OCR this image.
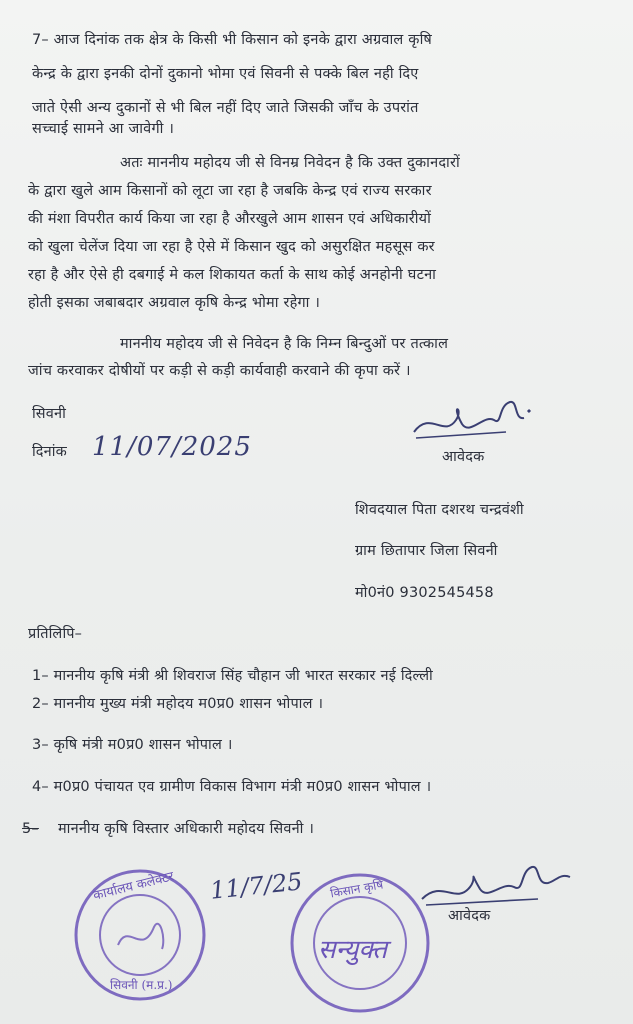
7– आज दिनांक तक क्षेत्र के किसी भी किसान को इनके द्वारा अग्रवाल कृषि
केन्द्र के द्वारा इनकी दोनों दुकानो भोमा एवं सिवनी से पक्के बिल नही दिए
जाते ऐसी अन्य दुकानों से भी बिल नहीं दिए जाते जिसकी जाँच के उपरांत
सच्चाई सामने आ जावेगी ।
अतः माननीय महोदय जी से विनम्र निवेदन है कि उक्त दुकानदारों
के द्वारा खुले आम किसानों को लूटा जा रहा है जबकि केन्द्र एवं राज्य सरकार
की मंशा विपरीत कार्य किया जा रहा है औरखुले आम शासन एवं अधिकारीयों
को खुला चेलेंज दिया जा रहा है ऐसे में किसान खुद को असुरक्षित महसूस कर
रहा है और ऐसे ही दबगाई मे कल शिकायत कर्ता के साथ कोई अनहोनी घटना
होती इसका जबाबदार अग्रवाल कृषि केन्द्र भोमा रहेगा ।
माननीय महोदय जी से निवेदन है कि निम्न बिन्दुओं पर तत्काल
जांच करवाकर दोषीयों पर कड़ी से कड़ी कार्यवाही करवाने की कृपा करें ।
सिवनी
दिनांक 11/07/2025	आवेदक
शिवदयाल पिता दशरथ चन्द्रवंशी
ग्राम छितापार जिला सिवनी
मो0नं0 9302545458
प्रतिलिपि–
1– माननीय कृषि मंत्री श्री शिवराज सिंह चौहान जी भारत सरकार नई दिल्ली
2– माननीय मुख्य मंत्री महोदय म0प्र0 शासन भोपाल ।
3– कृषि मंत्री म0प्र0 शासन भोपाल ।
4– म0प्र0 पंचायत एव ग्रामीण विकास विभाग मंत्री म0प्र0 शासन भोपाल ।
5– माननीय कृषि विस्तार अधिकारी महोदय सिवनी ।
कार्यालय कलेक्टर
सिवनी (म.प्र.)
11/7/25 किसान कृषि
सन्युक्त
आवेदक
